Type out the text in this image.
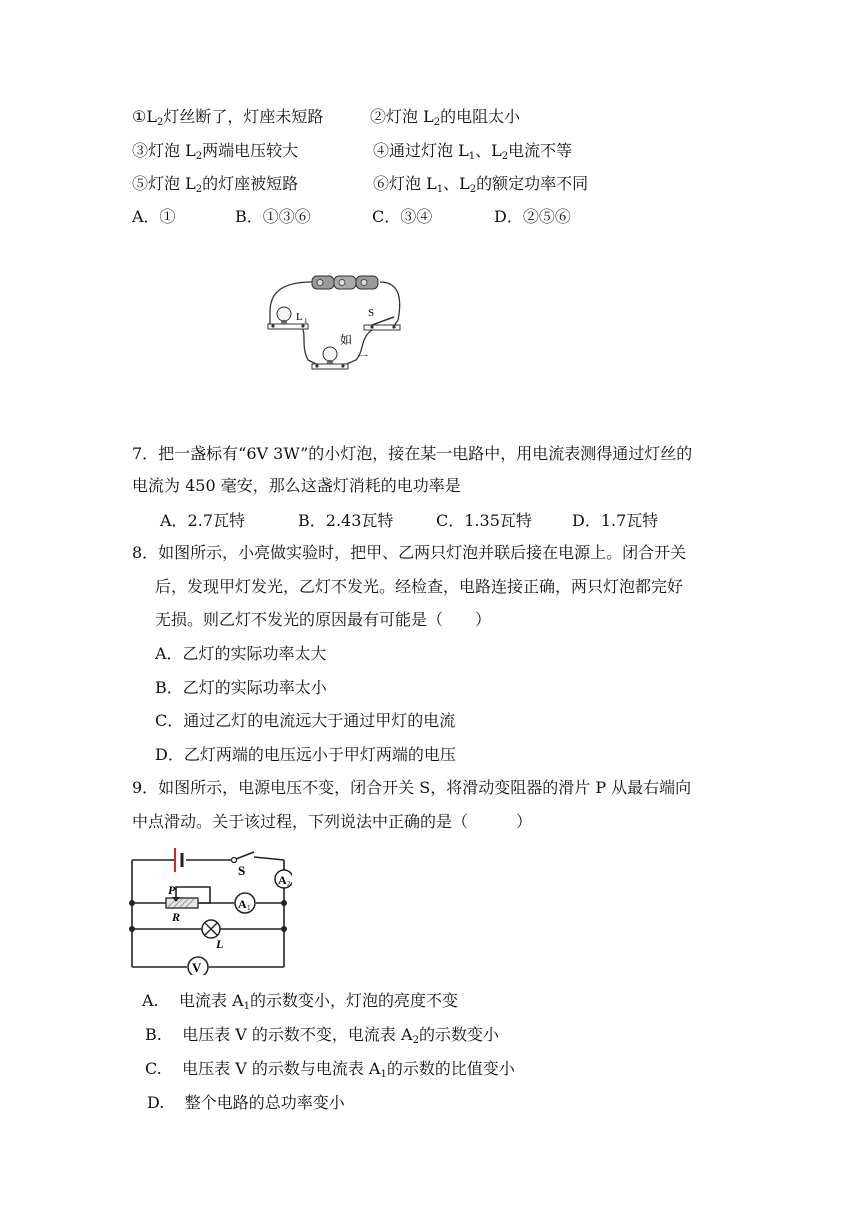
$①L_2$灯丝断了，灯座未短路	②灯泡 $L_2$的电阻太小
③灯泡 $L_2$两端电压较大	④通过灯泡 $L_1$、$L_2$电流不等
⑤灯泡 $L_2$的灯座被短路	⑥灯泡 $L_1$、$L_2$的额定功率不同
A．①	B．①③⑥	C．③④	D．②⑤⑥
L 1
S
如
一
7．把一盏标有“6V 3W”的小灯泡，接在某一电路中，用电流表测得通过灯丝的
电流为 450 毫安，那么这盏灯消耗的电功率是
A．2.7瓦特	B．2.43瓦特	C．1.35瓦特	D．1.7瓦特
8．如图所示，小亮做实验时，把甲、乙两只灯泡并联后接在电源上。闭合开关
后，发现甲灯发光，乙灯不发光。经检查，电路连接正确，两只灯泡都完好
无损。则乙灯不发光的原因最有可能是（　　）
A．乙灯的实际功率太大
B．乙灯的实际功率太小
C．通过乙灯的电流远大于通过甲灯的电流
D．乙灯两端的电压远小于甲灯两端的电压
9．如图所示，电源电压不变，闭合开关 S，将滑动变阻器的滑片 P 从最右端向
中点滑动。关于该过程，下列说法中正确的是（　　　）
S
A 2
P
R
A 1
L
V
A. 电流表 $A_1$的示数变小，灯泡的亮度不变
B. 电压表 V 的示数不变，电流表 $A_2$的示数变小
C. 电压表 V 的示数与电流表 $A_1$的示数的比值变小
D. 整个电路的总功率变小
